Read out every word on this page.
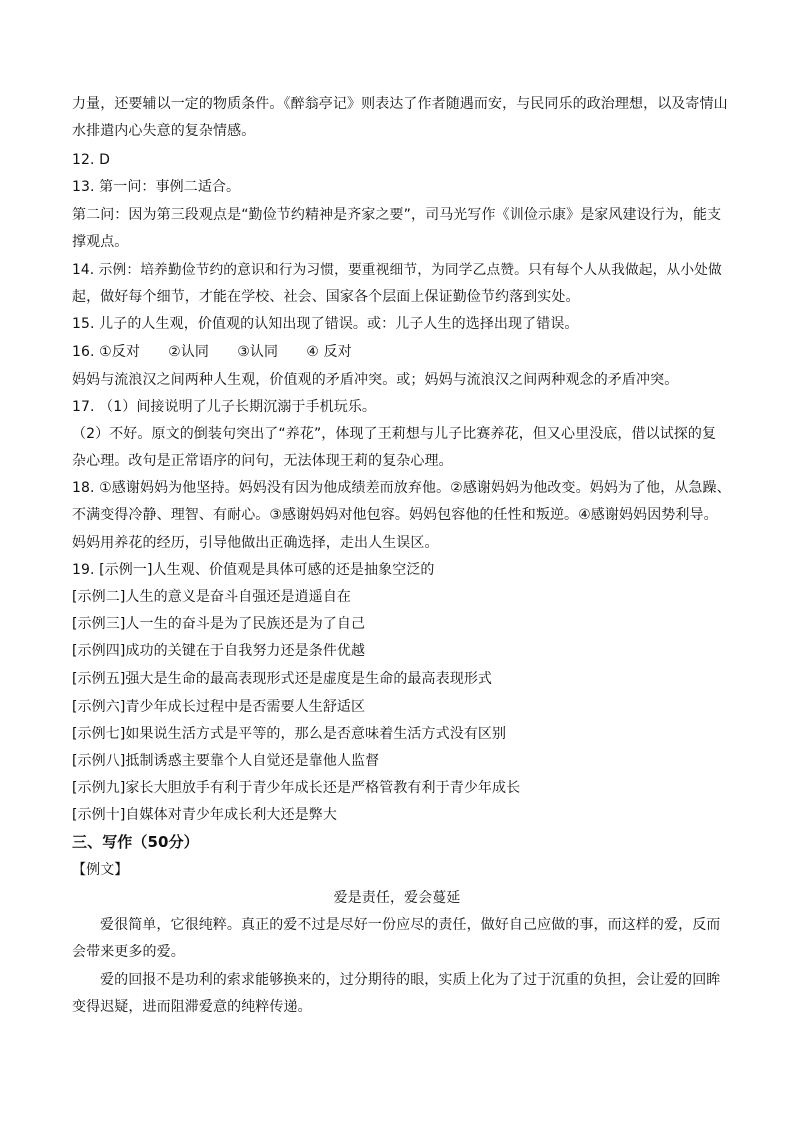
力量，还要辅以一定的物质条件。《醉翁亭记》则表达了作者随遇而安，与民同乐的政治理想，以及寄情山
水排遣内心失意的复杂情感。
12. D
13. 第一问：事例二适合。
第二问：因为第三段观点是“勤俭节约精神是齐家之要”，司马光写作《训俭示康》是家风建设行为，能支
撑观点。
14. 示例：培养勤俭节约的意识和行为习惯，要重视细节，为同学乙点赞。只有每个人从我做起，从小处做
起，做好每个细节，才能在学校、社会、国家各个层面上保证勤俭节约落到实处。
15. 儿子的人生观，价值观的认知出现了错误。或：儿子人生的选择出现了错误。
16. ①反对　　②认同　　③认同　　④ 反对
妈妈与流浪汉之间两种人生观，价值观的矛盾冲突。或；妈妈与流浪汉之间两种观念的矛盾冲突。
17. （1）间接说明了儿子长期沉溺于手机玩乐。
（2）不好。原文的倒装句突出了“养花”，体现了王莉想与儿子比赛养花，但又心里没底，借以试探的复
杂心理。改句是正常语序的问句，无法体现王莉的复杂心理。
18. ①感谢妈妈为他坚持。妈妈没有因为他成绩差而放弃他。②感谢妈妈为他改变。妈妈为了他，从急躁、
不满变得冷静、理智、有耐心。③感谢妈妈对他包容。妈妈包容他的任性和叛逆。④感谢妈妈因势利导。
妈妈用养花的经历，引导他做出正确选择，走出人生误区。
19. [示例一]人生观、价值观是具体可感的还是抽象空泛的
[示例二]人生的意义是奋斗自强还是逍遥自在
[示例三]人一生的奋斗是为了民族还是为了自己
[示例四]成功的关键在于自我努力还是条件优越
[示例五]强大是生命的最高表现形式还是虚度是生命的最高表现形式
[示例六]青少年成长过程中是否需要人生舒适区
[示例七]如果说生活方式是平等的，那么是否意味着生活方式没有区别
[示例八]抵制诱惑主要靠个人自觉还是靠他人监督
[示例九]家长大胆放手有利于青少年成长还是严格管教有利于青少年成长
[示例十]自媒体对青少年成长利大还是弊大
三、写作（50分）
【例文】
爱是责任，爱会蔓延
爱很简单，它很纯粹。真正的爱不过是尽好一份应尽的责任，做好自己应做的事，而这样的爱，反而
会带来更多的爱。
爱的回报不是功利的索求能够换来的，过分期待的眼，实质上化为了过于沉重的负担，会让爱的回眸
变得迟疑，进而阻滞爱意的纯粹传递。
